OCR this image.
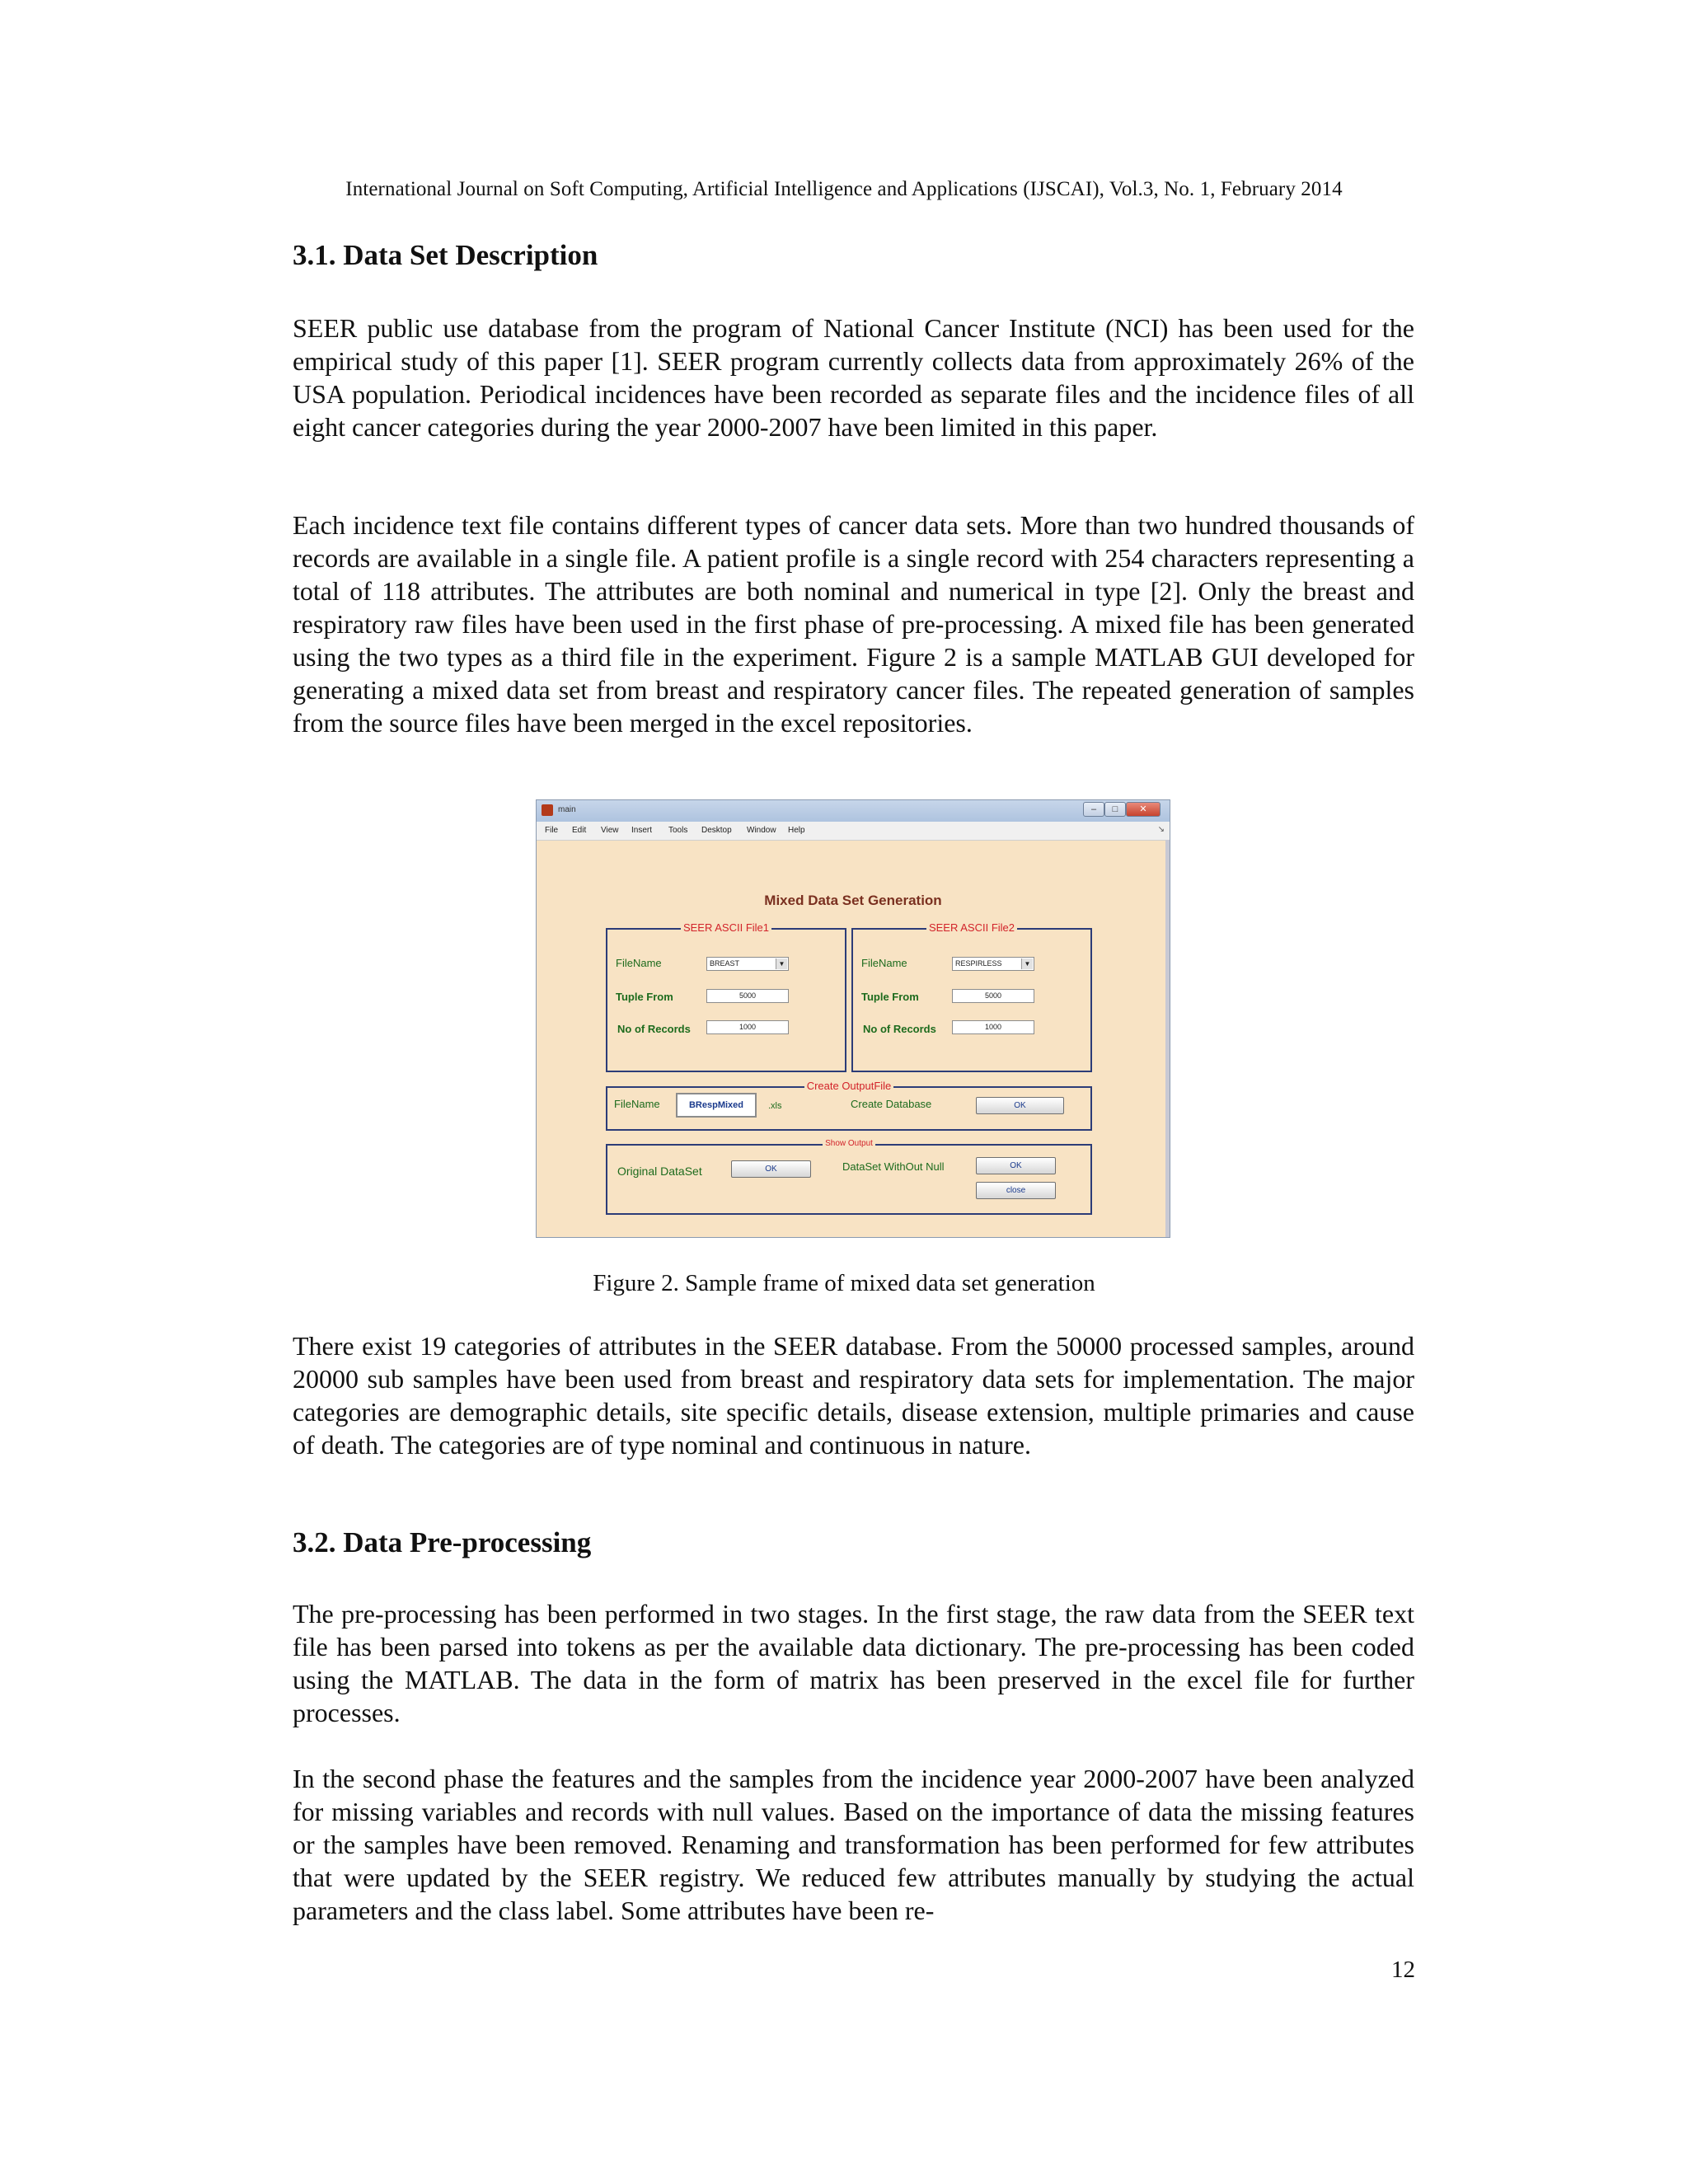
International Journal on Soft Computing, Artificial Intelligence and Applications (IJSCAI), Vol.3, No. 1, February 2014
3.1. Data Set Description

SEER public use database from the program of National Cancer Institute (NCI) has been used for the empirical study of this paper [1]. SEER program currently collects data from approximately 26% of the USA population. Periodical incidences have been recorded as separate files and the incidence files of all eight cancer categories during the year 2000-2007 have been limited in this paper.

Each incidence text file contains different types of cancer data sets. More than two hundred thousands of records are available in a single file. A patient profile is a single record with 254 characters representing a total of 118 attributes. The attributes are both nominal and numerical in type [2]. Only the breast and respiratory raw files have been used in the first phase of pre-processing. A mixed file has been generated using the two types as a third file in the experiment. Figure 2 is a sample MATLAB GUI developed for generating a mixed data set from breast and respiratory cancer files. The repeated generation of samples from the source files have been merged in the excel repositories.

main	–	□	✕
File Edit View Insert Tools Desktop Window Help	↘
Mixed Data Set Generation
SEER ASCII File1
FileName	BREAST	▼
Tuple From	5000
No of Records	1000
SEER ASCII File2
FileName	RESPIRLESS	▼
Tuple From	5000
No of Records	1000
Create OutputFile
FileName	BRespMixed	.xls	Create Database	OK
Show Output
Original DataSet	OK	DataSet WithOut Null	OK
close
Figure 2. Sample frame of mixed data set generation

There exist 19 categories of attributes in the SEER database. From the 50000 processed samples, around 20000 sub samples have been used from breast and respiratory data sets for implementation. The major categories are demographic details, site specific details, disease extension, multiple primaries and cause of death. The categories are of type nominal and continuous in nature.

3.2. Data Pre-processing

The pre-processing has been performed in two stages. In the first stage, the raw data from the SEER text file has been parsed into tokens as per the available data dictionary. The pre-processing has been coded using the MATLAB. The data in the form of matrix has been preserved in the excel file for further processes.

In the second phase the features and the samples from the incidence year 2000-2007 have been analyzed for missing variables and records with null values. Based on the importance of data the missing features or the samples have been removed. Renaming and transformation has been performed for few attributes that were updated by the SEER registry. We reduced few attributes manually by studying the actual parameters and the class label. Some attributes have been re-

12
